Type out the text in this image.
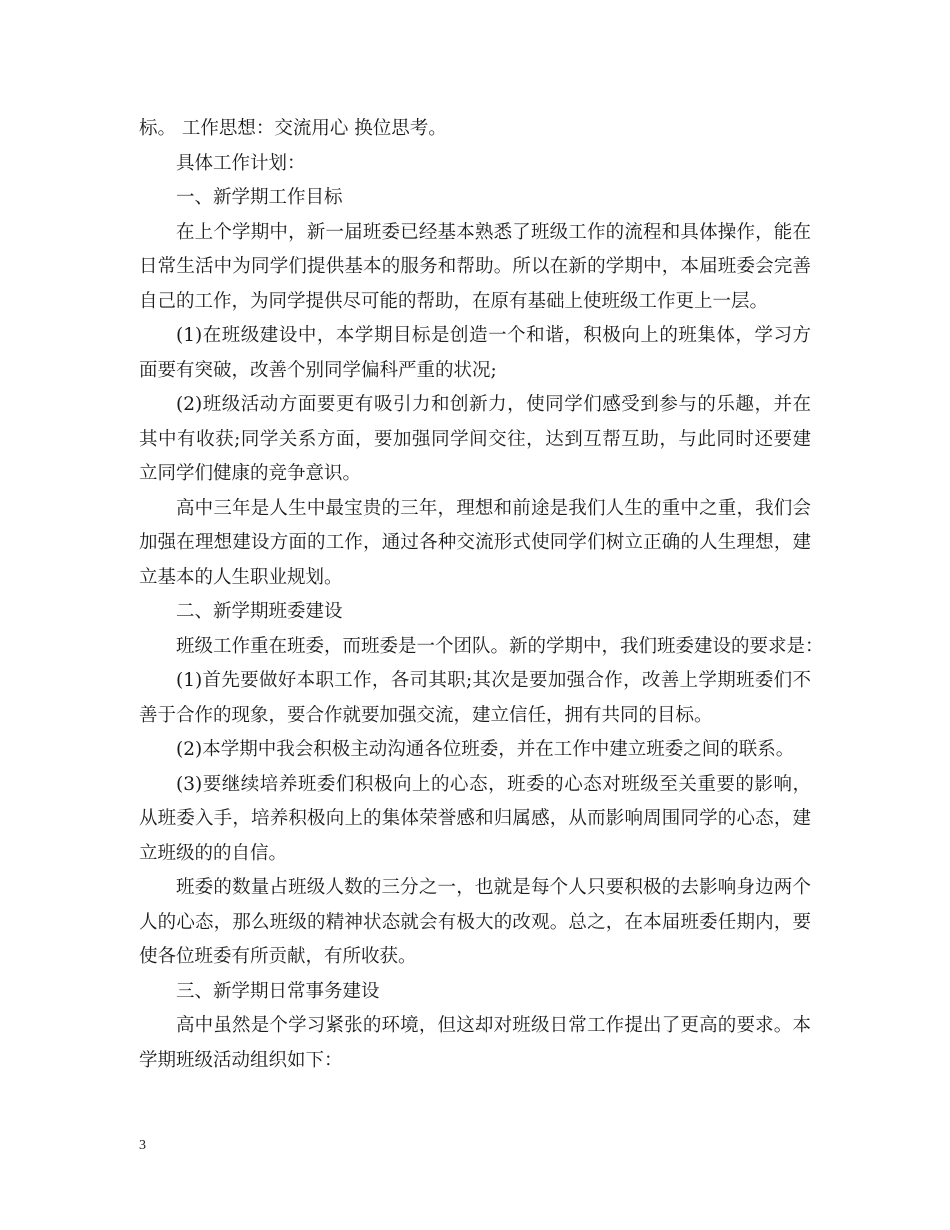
标。 工作思想：交流用心 换位思考。
具体工作计划：
一、新学期工作目标
在上个学期中，新一届班委已经基本熟悉了班级工作的流程和具体操作，能在
日常生活中为同学们提供基本的服务和帮助。所以在新的学期中，本届班委会完善
自己的工作，为同学提供尽可能的帮助，在原有基础上使班级工作更上一层。
(1)在班级建设中，本学期目标是创造一个和谐，积极向上的班集体，学习方
面要有突破，改善个别同学偏科严重的状况;
(2)班级活动方面要更有吸引力和创新力，使同学们感受到参与的乐趣，并在
其中有收获;同学关系方面，要加强同学间交往，达到互帮互助，与此同时还要建
立同学们健康的竞争意识。
高中三年是人生中最宝贵的三年，理想和前途是我们人生的重中之重，我们会
加强在理想建设方面的工作，通过各种交流形式使同学们树立正确的人生理想，建
立基本的人生职业规划。
二、新学期班委建设
班级工作重在班委，而班委是一个团队。新的学期中，我们班委建设的要求是：
(1)首先要做好本职工作，各司其职;其次是要加强合作，改善上学期班委们不
善于合作的现象，要合作就要加强交流，建立信任，拥有共同的目标。
(2)本学期中我会积极主动沟通各位班委，并在工作中建立班委之间的联系。
(3)要继续培养班委们积极向上的心态，班委的心态对班级至关重要的影响，
从班委入手，培养积极向上的集体荣誉感和归属感，从而影响周围同学的心态，建
立班级的的自信。
班委的数量占班级人数的三分之一，也就是每个人只要积极的去影响身边两个
人的心态，那么班级的精神状态就会有极大的改观。总之，在本届班委任期内，要
使各位班委有所贡献，有所收获。
三、新学期日常事务建设
高中虽然是个学习紧张的环境，但这却对班级日常工作提出了更高的要求。本
学期班级活动组织如下：
3
